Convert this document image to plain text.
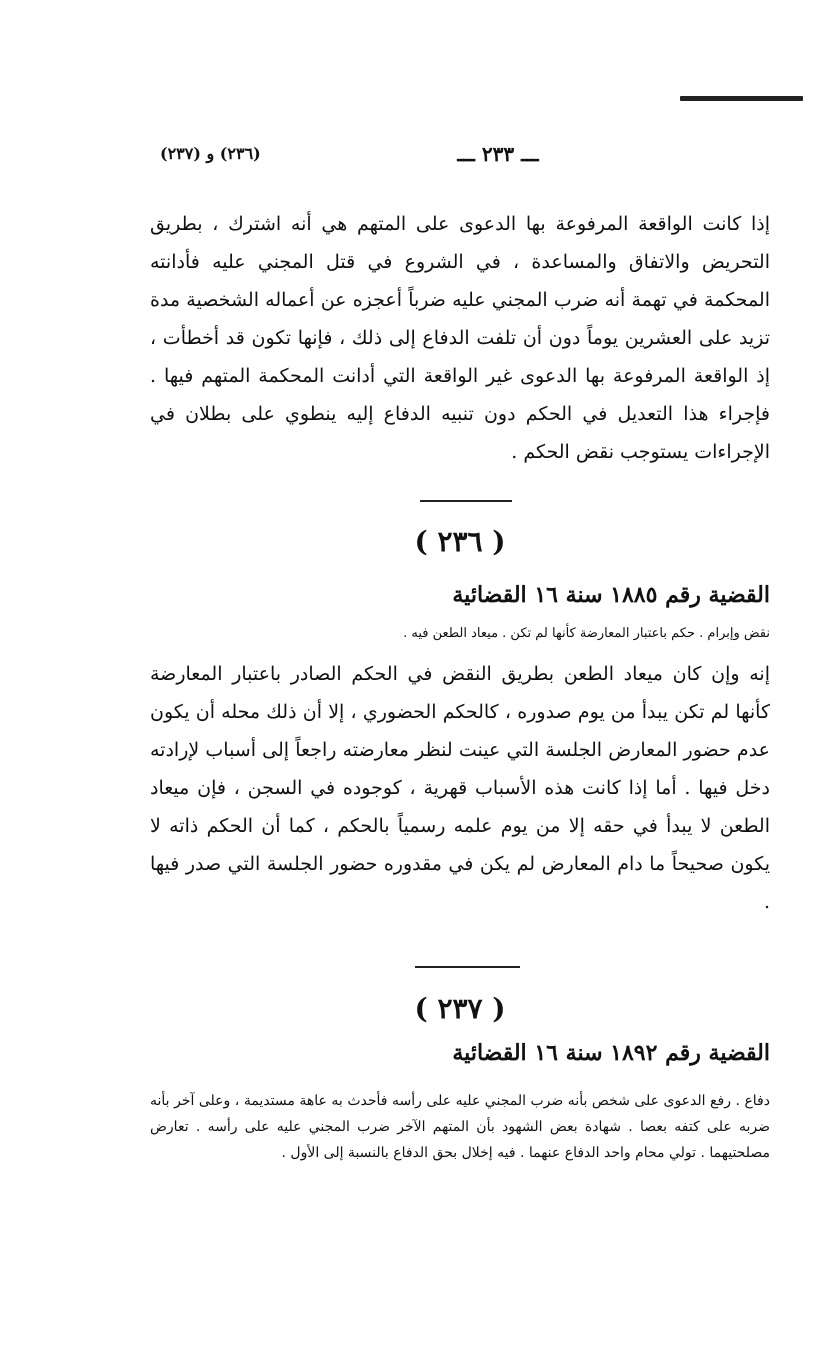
ـــ ٢٣٣ ـــ
(٢٣٦) و (٢٣٧)

إذا كانت الواقعة المرفوعة بها الدعوى على المتهم هي أنه اشترك ، بطريق التحريض والاتفاق والمساعدة ، في الشروع في قتل المجني عليه فأدانته المحكمة في تهمة أنه ضرب المجني عليه ضرباً أعجزه عن أعماله الشخصية مدة تزيد على العشرين يوماً دون أن تلفت الدفاع إلى ذلك ، فإنها تكون قد أخطأت ، إذ الواقعة المرفوعة بها الدعوى غير الواقعة التي أدانت المحكمة المتهم فيها . فإجراء هذا التعديل في الحكم دون تنبيه الدفاع إليه ينطوي على بطلان في الإجراءات يستوجب نقض الحكم .

( ٢٣٦ )
القضية رقم ١٨٨٥ سنة ١٦ القضائية
نقض وإبرام . حكم باعتبار المعارضة كأنها لم تكن . ميعاد الطعن فيه .

إنه وإن كان ميعاد الطعن بطريق النقض في الحكم الصادر باعتبار المعارضة كأنها لم تكن يبدأ من يوم صدوره ، كالحكم الحضوري ، إلا أن ذلك محله أن يكون عدم حضور المعارض الجلسة التي عينت لنظر معارضته راجعاً إلى أسباب لإرادته دخل فيها . أما إذا كانت هذه الأسباب قهرية ، كوجوده في السجن ، فإن ميعاد الطعن لا يبدأ في حقه إلا من يوم علمه رسمياً بالحكم ، كما أن الحكم ذاته لا يكون صحيحاً ما دام المعارض لم يكن في مقدوره حضور الجلسة التي صدر فيها .

( ٢٣٧ )
القضية رقم ١٨٩٢ سنة ١٦ القضائية

دفاع . رفع الدعوى على شخص بأنه ضرب المجني عليه على رأسه فأحدث به عاهة مستديمة ، وعلى آخر بأنه ضربه على كتفه بعصا . شهادة بعض الشهود بأن المتهم الآخر ضرب المجني عليه على رأسه . تعارض مصلحتيهما . تولي محام واحد الدفاع عنهما . فيه إخلال بحق الدفاع بالنسبة إلى الأول .
